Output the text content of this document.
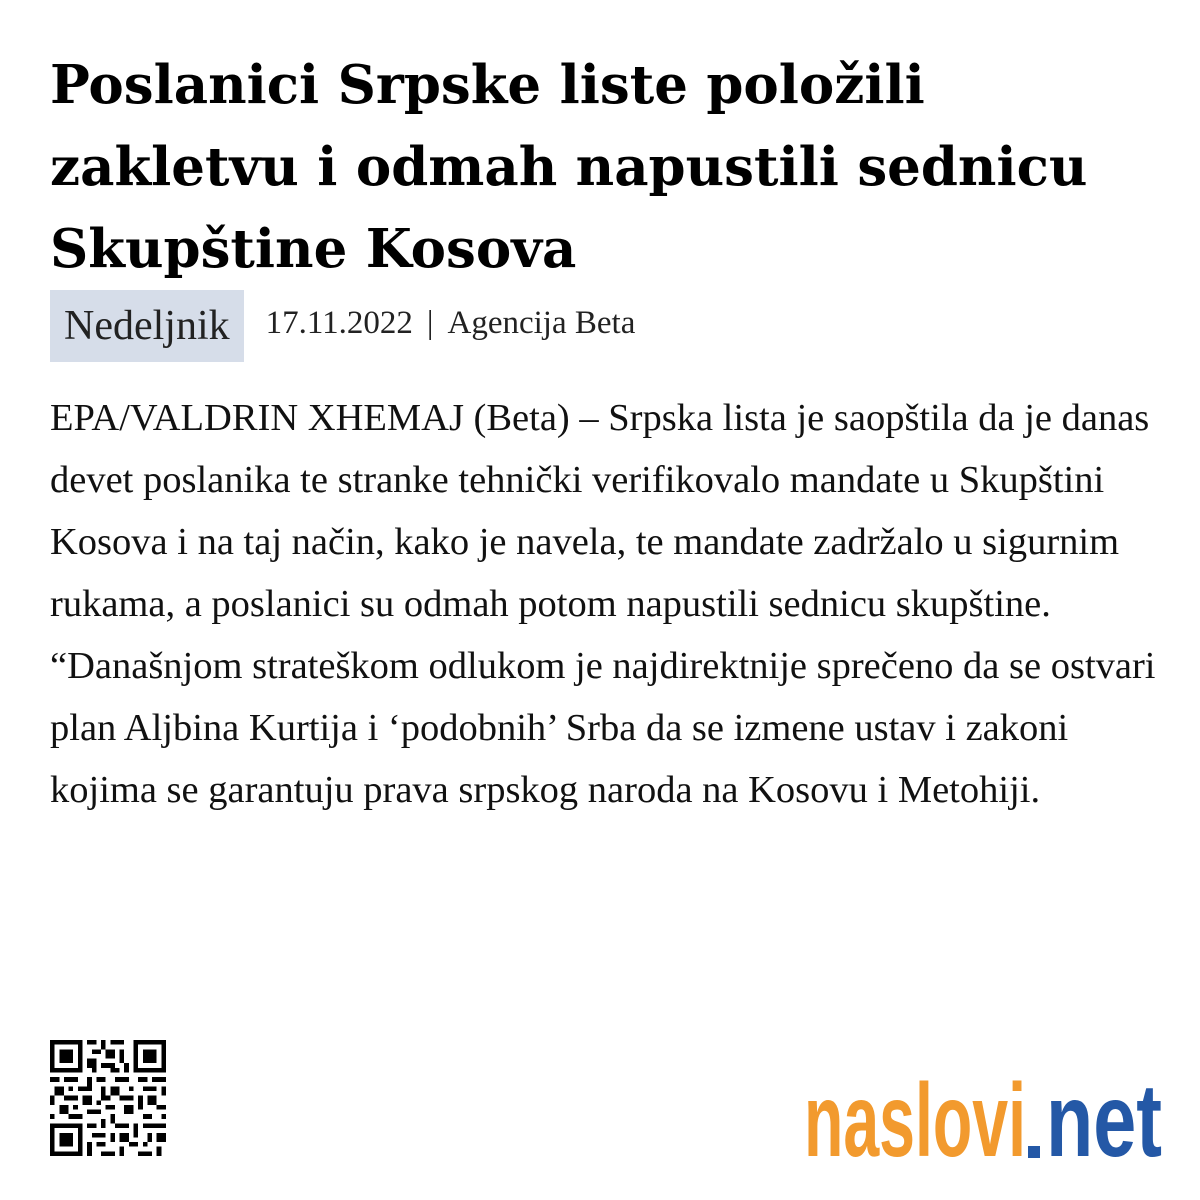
Poslanici Srpske liste položili zakletvu i odmah napustili sednicu Skupštine Kosova
Nedeljnik	17.11.2022 | Agencija Beta

EPA/VALDRIN XHEMAJ (Beta) – Srpska lista je saopštila da je danas devet poslanika te stranke tehnički verifikovalo mandate u Skupštini Kosova i na taj način, kako je navela, te mandate zadržalo u sigurnim rukama, a poslanici su odmah potom napustili sednicu skupštine. “Današnjom strateškom odlukom je najdirektnije sprečeno da se ostvari plan Aljbina Kurtija i ‘podobnih’ Srba da se izmene ustav i zakoni kojima se garantuju prava srpskog naroda na Kosovu i Metohiji.

naslovi net
